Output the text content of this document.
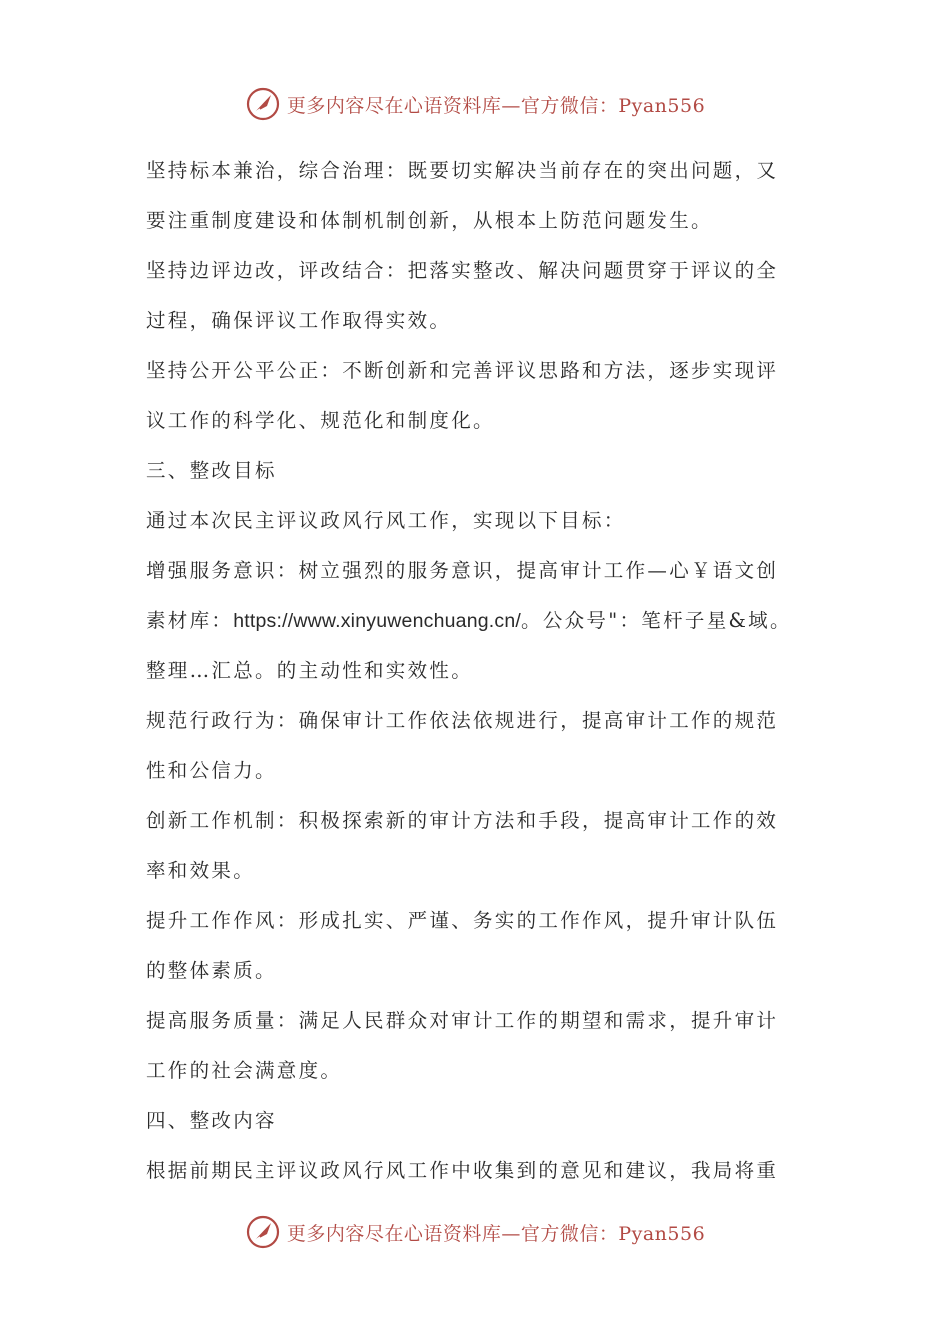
更多内容尽在心语资料库—官方微信：Pyan556
坚持标本兼治，综合治理：既要切实解决当前存在的突出问题，又
要注重制度建设和体制机制创新，从根本上防范问题发生。
坚持边评边改，评改结合：把落实整改、解决问题贯穿于评议的全
过程，确保评议工作取得实效。
坚持公开公平公正：不断创新和完善评议思路和方法，逐步实现评
议工作的科学化、规范化和制度化。
三、整改目标
通过本次民主评议政风行风工作，实现以下目标：
增强服务意识：树立强烈的服务意识，提高审计工作—心￥语文创
素材库：https://www.xinyuwenchuang.cn/。公众号"：笔杆子星&域。
整理…汇总。的主动性和实效性。
规范行政行为：确保审计工作依法依规进行，提高审计工作的规范
性和公信力。
创新工作机制：积极探索新的审计方法和手段，提高审计工作的效
率和效果。
提升工作作风：形成扎实、严谨、务实的工作作风，提升审计队伍
的整体素质。
提高服务质量：满足人民群众对审计工作的期望和需求，提升审计
工作的社会满意度。
四、整改内容
根据前期民主评议政风行风工作中收集到的意见和建议，我局将重
更多内容尽在心语资料库—官方微信：Pyan556
